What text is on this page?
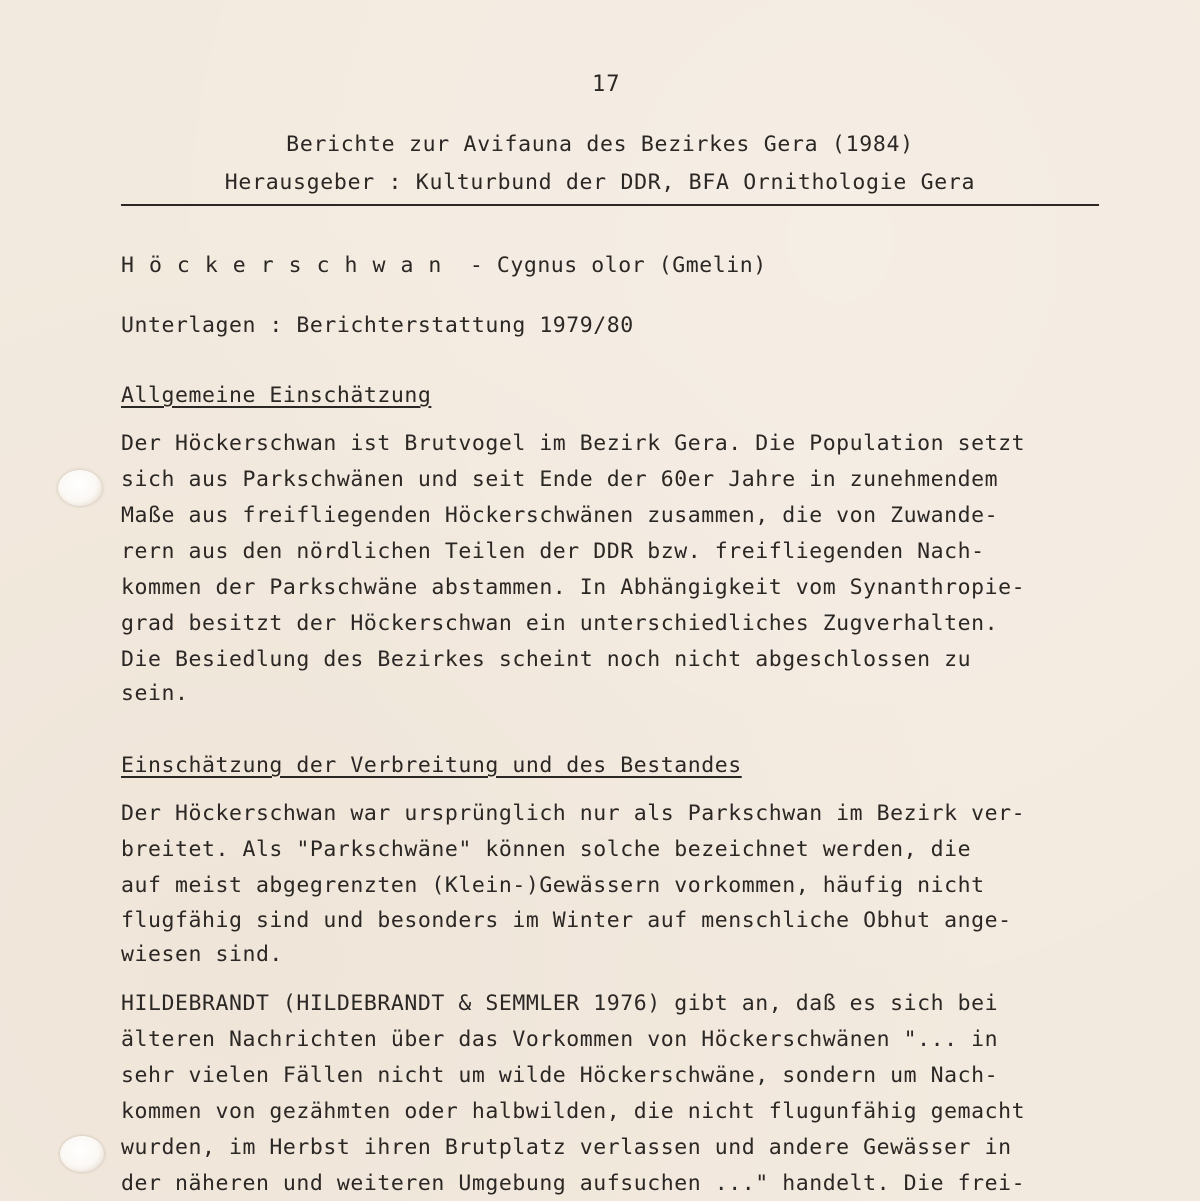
17
Berichte zur Avifauna des Bezirkes Gera (1984)
Herausgeber : Kulturbund der DDR, BFA Ornithologie Gera
Höckerschwan - Cygnus olor (Gmelin)
Unterlagen : Berichterstattung 1979/80
Allgemeine Einschätzung
Der Höckerschwan ist Brutvogel im Bezirk Gera. Die Population setzt
sich aus Parkschwänen und seit Ende der 60er Jahre in zunehmendem
Maße aus freifliegenden Höckerschwänen zusammen, die von Zuwande-
rern aus den nördlichen Teilen der DDR bzw. freifliegenden Nach-
kommen der Parkschwäne abstammen. In Abhängigkeit vom Synanthropie-
grad besitzt der Höckerschwan ein unterschiedliches Zugverhalten.
Die Besiedlung des Bezirkes scheint noch nicht abgeschlossen zu
sein.
Einschätzung der Verbreitung und des Bestandes
Der Höckerschwan war ursprünglich nur als Parkschwan im Bezirk ver-
breitet. Als "Parkschwäne" können solche bezeichnet werden, die
auf meist abgegrenzten (Klein-)Gewässern vorkommen, häufig nicht
flugfähig sind und besonders im Winter auf menschliche Obhut ange-
wiesen sind.
HILDEBRANDT (HILDEBRANDT & SEMMLER 1976) gibt an, daß es sich bei
älteren Nachrichten über das Vorkommen von Höckerschwänen "... in
sehr vielen Fällen nicht um wilde Höckerschwäne, sondern um Nach-
kommen von gezähmten oder halbwilden, die nicht flugunfähig gemacht
wurden, im Herbst ihren Brutplatz verlassen und andere Gewässer in
der näheren und weiteren Umgebung aufsuchen ..." handelt. Die frei-
